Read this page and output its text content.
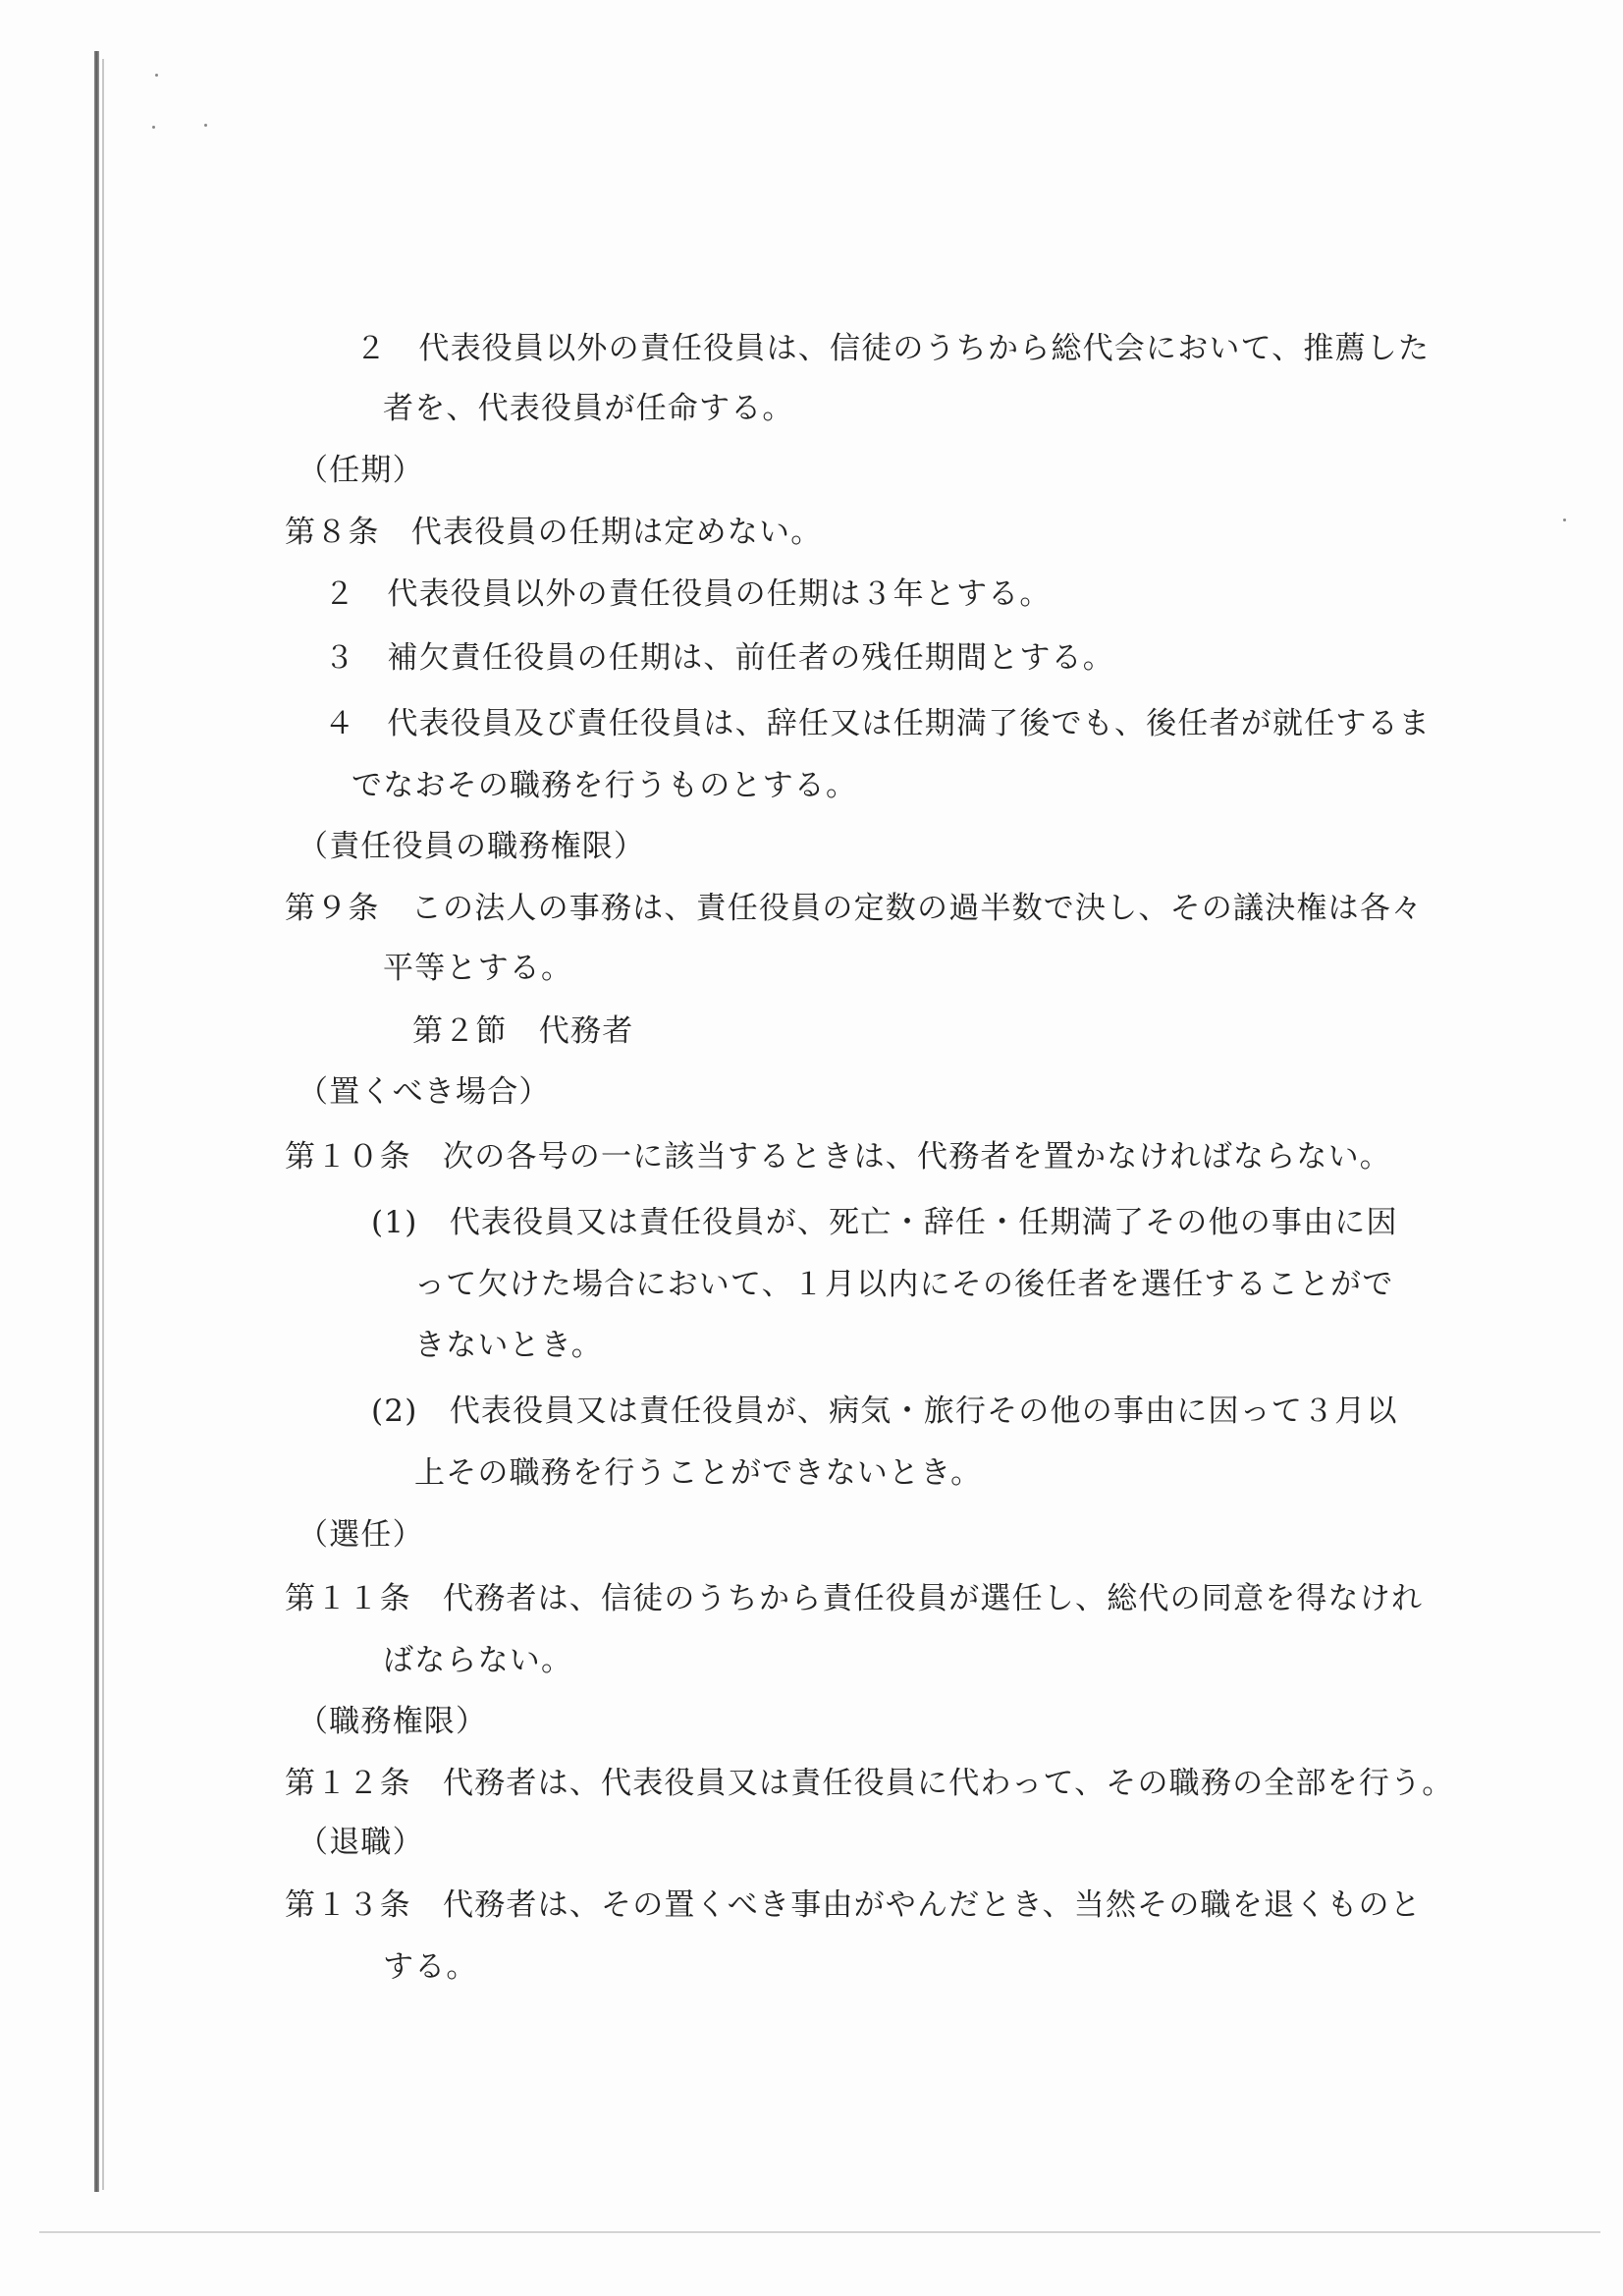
２　代表役員以外の責任役員は、信徒のうちから総代会において、推薦した
者を、代表役員が任命する。
（任期）
第８条　代表役員の任期は定めない。
２　代表役員以外の責任役員の任期は３年とする。
３　補欠責任役員の任期は、前任者の残任期間とする。
４　代表役員及び責任役員は、辞任又は任期満了後でも、後任者が就任するま
でなおその職務を行うものとする。
（責任役員の職務権限）
第９条　この法人の事務は、責任役員の定数の過半数で決し、その議決権は各々
平等とする。
第２節　代務者
（置くべき場合）
第１０条　次の各号の一に該当するときは、代務者を置かなければならない。
(1)　代表役員又は責任役員が、死亡・辞任・任期満了その他の事由に因
って欠けた場合において、１月以内にその後任者を選任することがで
きないとき。
(2)　代表役員又は責任役員が、病気・旅行その他の事由に因って３月以
上その職務を行うことができないとき。
（選任）
第１１条　代務者は、信徒のうちから責任役員が選任し、総代の同意を得なけれ
ばならない。
（職務権限）
第１２条　代務者は、代表役員又は責任役員に代わって、その職務の全部を行う。
（退職）
第１３条　代務者は、その置くべき事由がやんだとき、当然その職を退くものと
する。
